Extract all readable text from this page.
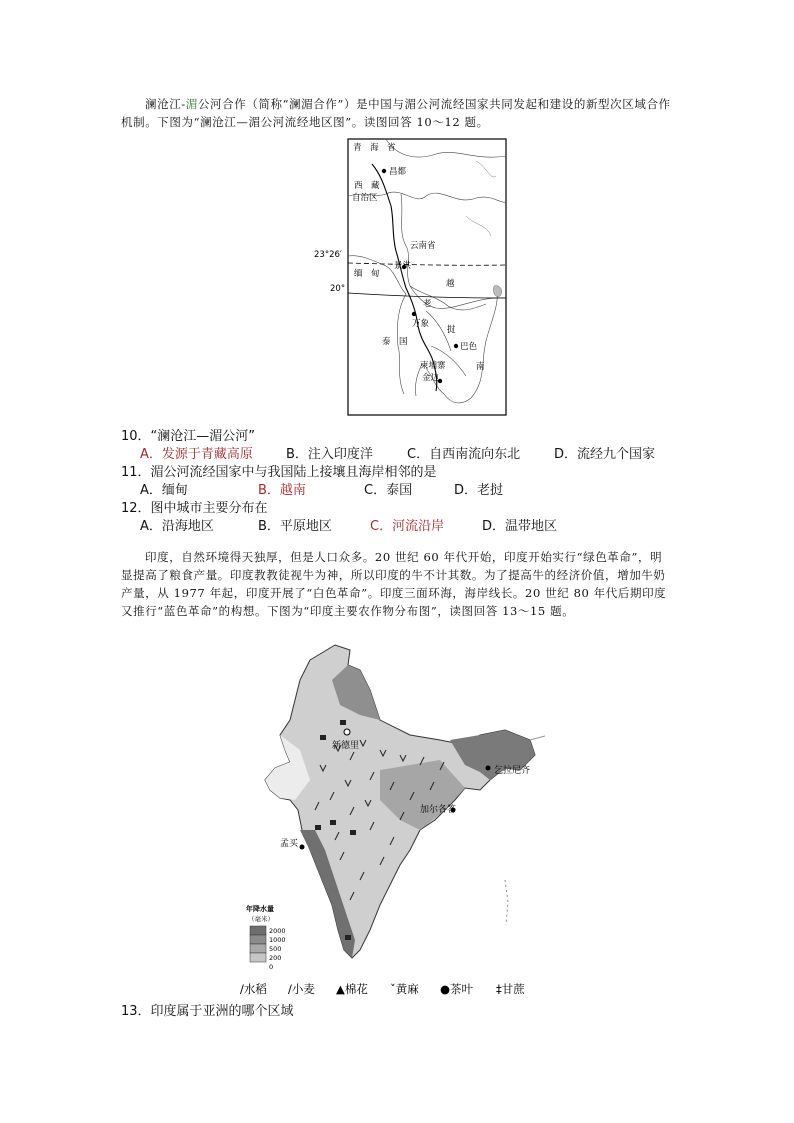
澜沧江-湄公河合作（简称“澜湄合作”）是中国与湄公河流经国家共同发起和建设的新型次区域合作机制。下图为“澜沧江—湄公河流经地区图”。读图回答 10～12 题。

青　海　省
昌都
西　藏
自治区
云南省
23°26′
20°
缅　甸
景洪
越
老
万象
挝
巴色
泰　国
南
柬埔寨
金边
10．“澜沧江—湄公河”
A．发源于青藏高原	B．注入印度洋	C．自西南流向东北	D．流经九个国家
11．湄公河流经国家中与我国陆上接壤且海岸相邻的是
A．缅甸	B．越南	C．泰国	D．老挝
12．图中城市主要分布在
A．沿海地区	B．平原地区	C．河流沿岸	D．温带地区

印度，自然环境得天独厚，但是人口众多。20 世纪 60 年代开始，印度开始实行“绿色革命”，明显提高了粮食产量。印度教教徒视牛为神，所以印度的牛不计其数。为了提高牛的经济价值，增加牛奶产量，从 1977 年起，印度开展了“白色革命”。印度三面环海，海岸线长。20 世纪 80 年代后期印度又推行“蓝色革命”的构想。下图为“印度主要农作物分布图”，读图回答 13～15 题。

新德里
加尔各答
孟买
乞拉尼齐
年降水量
（毫米）
2000
1000
500
200
0
/水稻 /小麦 ▲棉花 ˇ黄麻 ●茶叶 ‡甘蔗
13．印度属于亚洲的哪个区域
